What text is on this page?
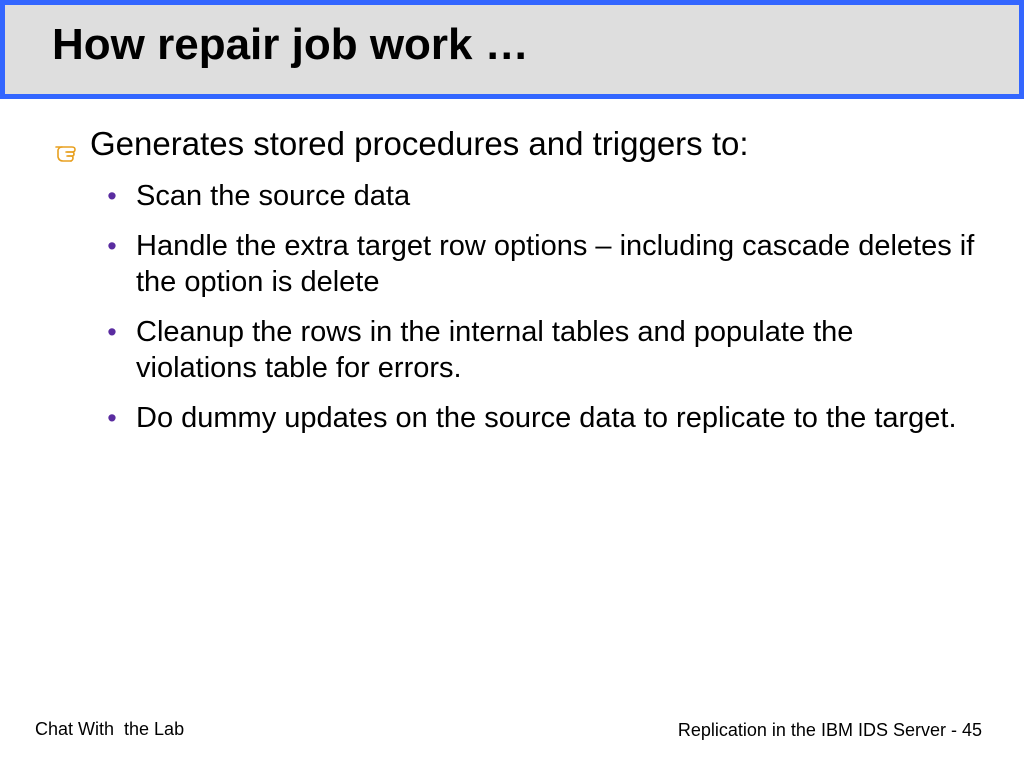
How repair job work …
Generates stored procedures and triggers to:
• Scan the source data
• Handle the extra target row options – including cascade deletes if the option is delete
• Cleanup the rows in the internal tables and populate the violations table for errors.
• Do dummy updates on the source data to replicate to the target.
Chat With  the Lab	Replication in the IBM IDS Server - 45
